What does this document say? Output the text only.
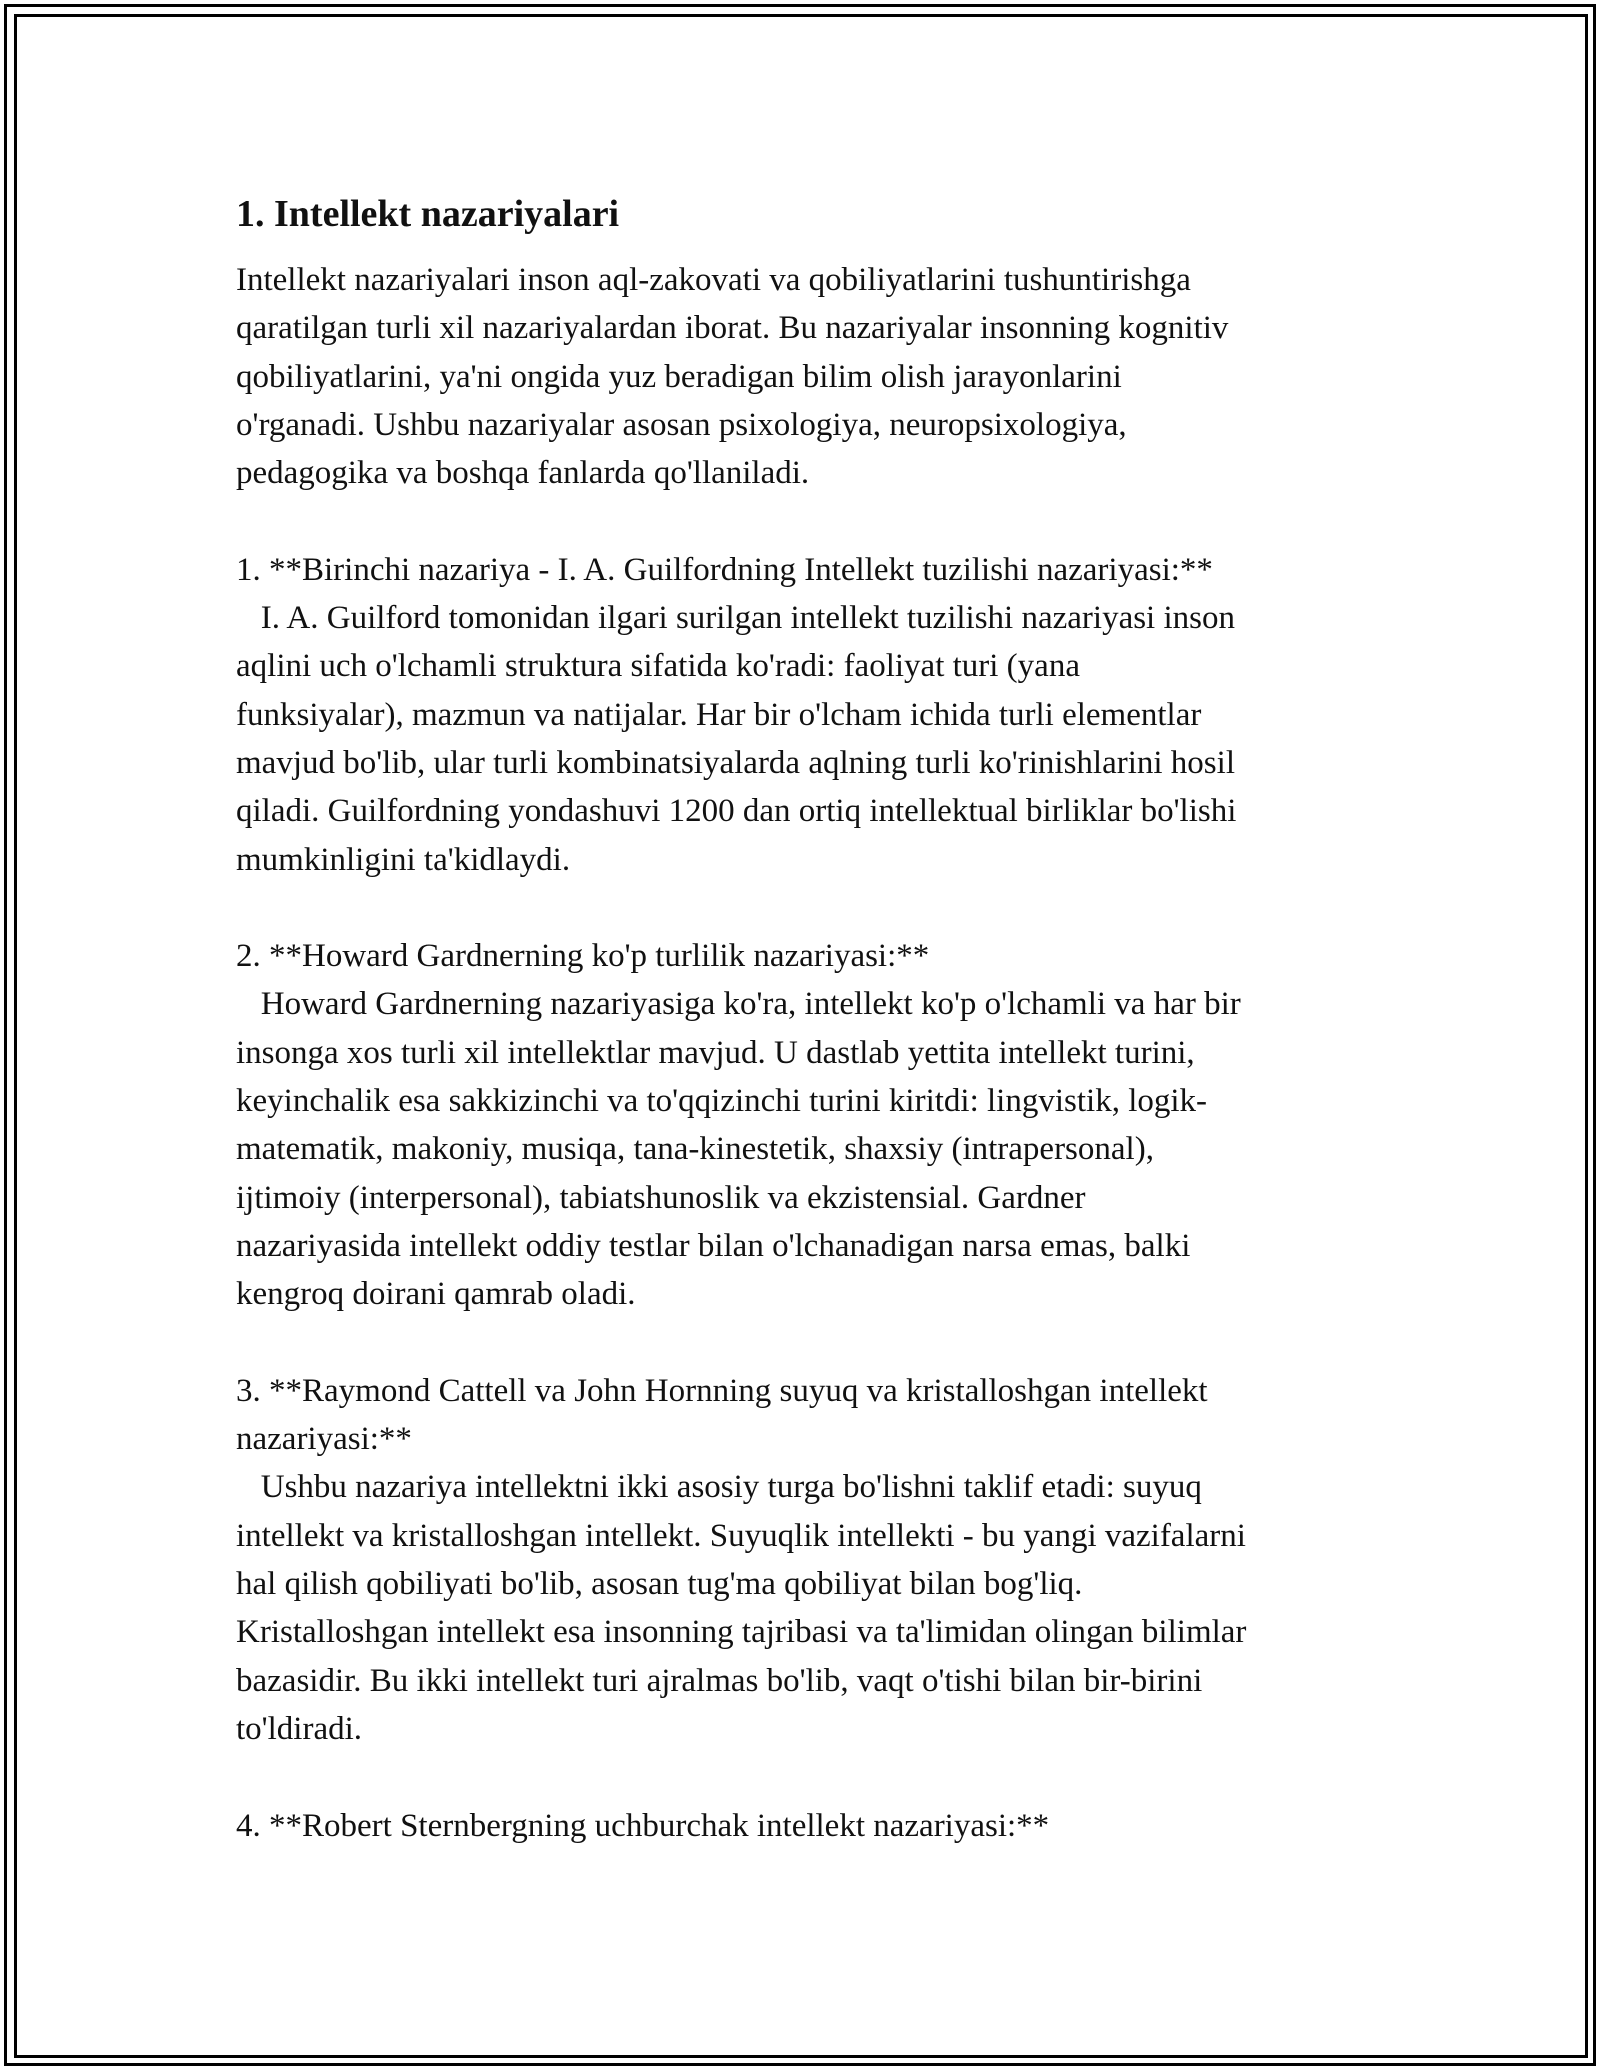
1. Intellekt nazariyalari

Intellekt nazariyalari inson aql-zakovati va qobiliyatlarini tushuntirishga
qaratilgan turli xil nazariyalardan iborat. Bu nazariyalar insonning kognitiv
qobiliyatlarini, ya'ni ongida yuz beradigan bilim olish jarayonlarini
o'rganadi. Ushbu nazariyalar asosan psixologiya, neuropsixologiya,
pedagogika va boshqa fanlarda qo'llaniladi.

1. **Birinchi nazariya - I. A. Guilfordning Intellekt tuzilishi nazariyasi:**
I. A. Guilford tomonidan ilgari surilgan intellekt tuzilishi nazariyasi inson
aqlini uch o'lchamli struktura sifatida ko'radi: faoliyat turi (yana
funksiyalar), mazmun va natijalar. Har bir o'lcham ichida turli elementlar
mavjud bo'lib, ular turli kombinatsiyalarda aqlning turli ko'rinishlarini hosil
qiladi. Guilfordning yondashuvi 1200 dan ortiq intellektual birliklar bo'lishi
mumkinligini ta'kidlaydi.

2. **Howard Gardnerning ko'p turlilik nazariyasi:**
Howard Gardnerning nazariyasiga ko'ra, intellekt ko'p o'lchamli va har bir
insonga xos turli xil intellektlar mavjud. U dastlab yettita intellekt turini,
keyinchalik esa sakkizinchi va to'qqizinchi turini kiritdi: lingvistik, logik-
matematik, makoniy, musiqa, tana-kinestetik, shaxsiy (intrapersonal),
ijtimoiy (interpersonal), tabiatshunoslik va ekzistensial. Gardner
nazariyasida intellekt oddiy testlar bilan o'lchanadigan narsa emas, balki
kengroq doirani qamrab oladi.

3. **Raymond Cattell va John Hornning suyuq va kristalloshgan intellekt
nazariyasi:**
Ushbu nazariya intellektni ikki asosiy turga bo'lishni taklif etadi: suyuq
intellekt va kristalloshgan intellekt. Suyuqlik intellekti - bu yangi vazifalarni
hal qilish qobiliyati bo'lib, asosan tug'ma qobiliyat bilan bog'liq.
Kristalloshgan intellekt esa insonning tajribasi va ta'limidan olingan bilimlar
bazasidir. Bu ikki intellekt turi ajralmas bo'lib, vaqt o'tishi bilan bir-birini
to'ldiradi.

4. **Robert Sternbergning uchburchak intellekt nazariyasi:**
